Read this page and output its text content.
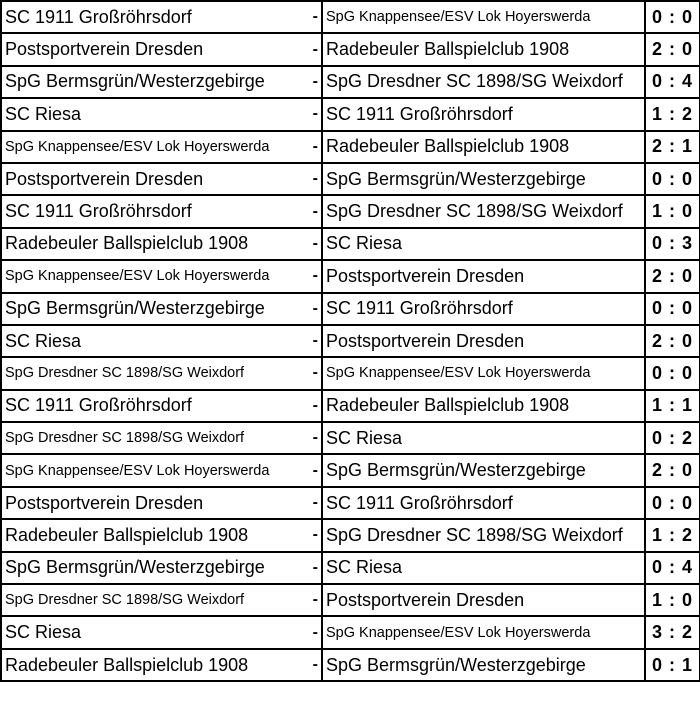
SC 1911 Großröhrsdorf	-	SpG Knappensee/ESV Lok Hoyerswerda	0 : 0
Postsportverein Dresden	-	Radebeuler Ballspielclub 1908	2 : 0
SpG Bermsgrün/Westerzgebirge	-	SpG Dresdner SC 1898/SG Weixdorf	0 : 4
SC Riesa	-	SC 1911 Großröhrsdorf	1 : 2
SpG Knappensee/ESV Lok Hoyerswerda	-	Radebeuler Ballspielclub 1908	2 : 1
Postsportverein Dresden	-	SpG Bermsgrün/Westerzgebirge	0 : 0
SC 1911 Großröhrsdorf	-	SpG Dresdner SC 1898/SG Weixdorf	1 : 0
Radebeuler Ballspielclub 1908	-	SC Riesa	0 : 3
SpG Knappensee/ESV Lok Hoyerswerda	-	Postsportverein Dresden	2 : 0
SpG Bermsgrün/Westerzgebirge	-	SC 1911 Großröhrsdorf	0 : 0
SC Riesa	-	Postsportverein Dresden	2 : 0
SpG Dresdner SC 1898/SG Weixdorf	-	SpG Knappensee/ESV Lok Hoyerswerda	0 : 0
SC 1911 Großröhrsdorf	-	Radebeuler Ballspielclub 1908	1 : 1
SpG Dresdner SC 1898/SG Weixdorf	-	SC Riesa	0 : 2
SpG Knappensee/ESV Lok Hoyerswerda	-	SpG Bermsgrün/Westerzgebirge	2 : 0
Postsportverein Dresden	-	SC 1911 Großröhrsdorf	0 : 0
Radebeuler Ballspielclub 1908	-	SpG Dresdner SC 1898/SG Weixdorf	1 : 2
SpG Bermsgrün/Westerzgebirge	-	SC Riesa	0 : 4
SpG Dresdner SC 1898/SG Weixdorf	-	Postsportverein Dresden	1 : 0
SC Riesa	-	SpG Knappensee/ESV Lok Hoyerswerda	3 : 2
Radebeuler Ballspielclub 1908	-	SpG Bermsgrün/Westerzgebirge	0 : 1
